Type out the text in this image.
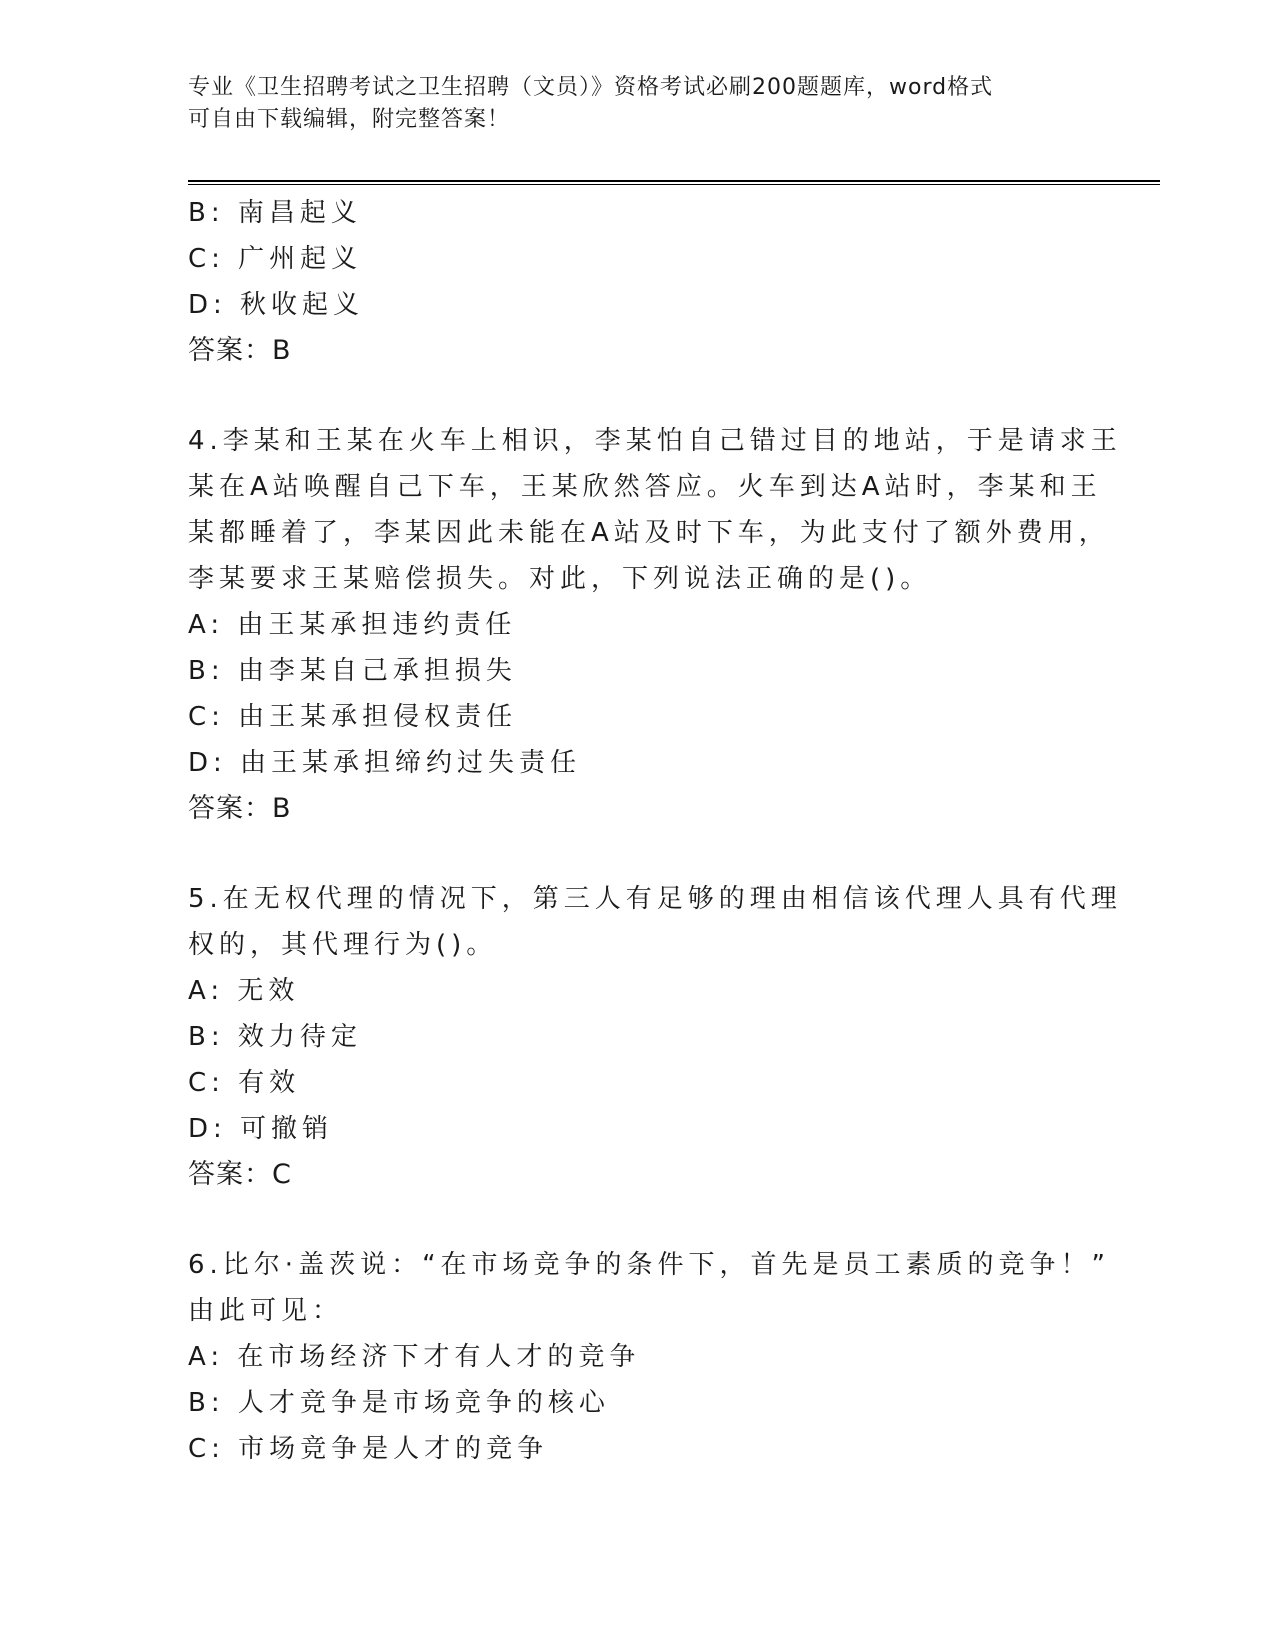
专业《卫生招聘考试之卫生招聘（文员）》资格考试必刷200题题库，word格式
可自由下载编辑，附完整答案！
B: 南昌起义
C: 广州起义
D: 秋收起义
答案：B
4.李某和王某在火车上相识，李某怕自己错过目的地站，于是请求王
某在A站唤醒自己下车，王某欣然答应。火车到达A站时，李某和王
某都睡着了，李某因此未能在A站及时下车，为此支付了额外费用，
李某要求王某赔偿损失。对此，下列说法正确的是()。
A: 由王某承担违约责任
B: 由李某自己承担损失
C: 由王某承担侵权责任
D: 由王某承担缔约过失责任
答案：B
5.在无权代理的情况下，第三人有足够的理由相信该代理人具有代理
权的，其代理行为()。
A: 无效
B: 效力待定
C: 有效
D: 可撤销
答案：C
6.比尔·盖茨说：“在市场竞争的条件下，首先是员工素质的竞争！”
由此可见：
A: 在市场经济下才有人才的竞争
B: 人才竞争是市场竞争的核心
C: 市场竞争是人才的竞争
